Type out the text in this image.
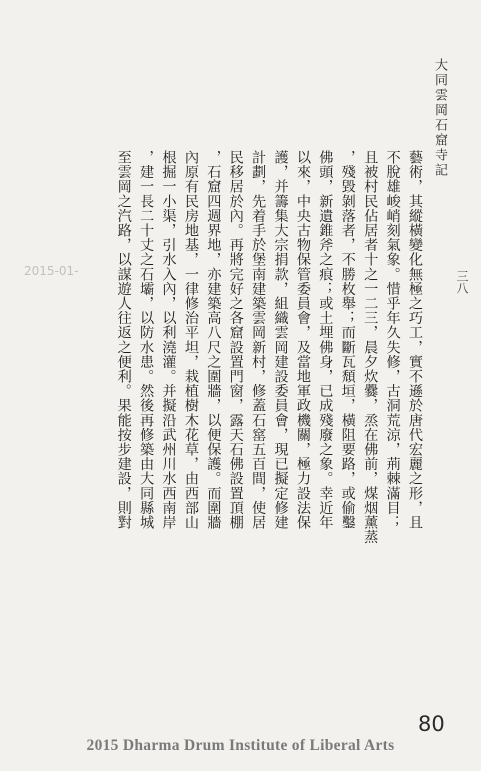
大同雲岡石窟寺記
三八
藝術，其縱橫變化無極之巧工，實不遜於唐代宏麗之形，且
不脫雄峻峭刻氣象。惜乎年久失修，古洞荒涼，荊棘滿目；
且被村民佔居者十之一二三，晨夕炊爨，烝在佛前，煤烟薰蒸
，殘毀剝落者，不勝枚舉；而斷瓦頹垣，橫阻要路，或偷鑿
佛頭，新遺錐斧之痕；或土埋佛身，已成殘廢之象。幸近年
以來，中央古物保管委員會，及當地軍政機關，極力設法保
護，并籌集大宗捐款，組織雲岡建設委員會，現已擬定修建
計劃，先着手於堡南建築雲岡新村，修蓋石窰五百間，使居
民移居於內。再將完好之各窟設置門窗，露天石佛設置頂棚
，石窟四週界地，亦建築高八尺之圍牆，以便保護。而圍牆
內原有民房地基，一律修治平坦，栽植樹木花草，由西部山
根掘一小渠，引水入內，以利澆灌。并擬沿武州川水西南岸
，建一長二十丈之石壩，以防水患。然後再修築由大同縣城
至雲岡之汽路，以謀遊人往返之便利。果能按步建設，則對
2015-01-
80
2015 Dharma Drum Institute of Liberal Arts
